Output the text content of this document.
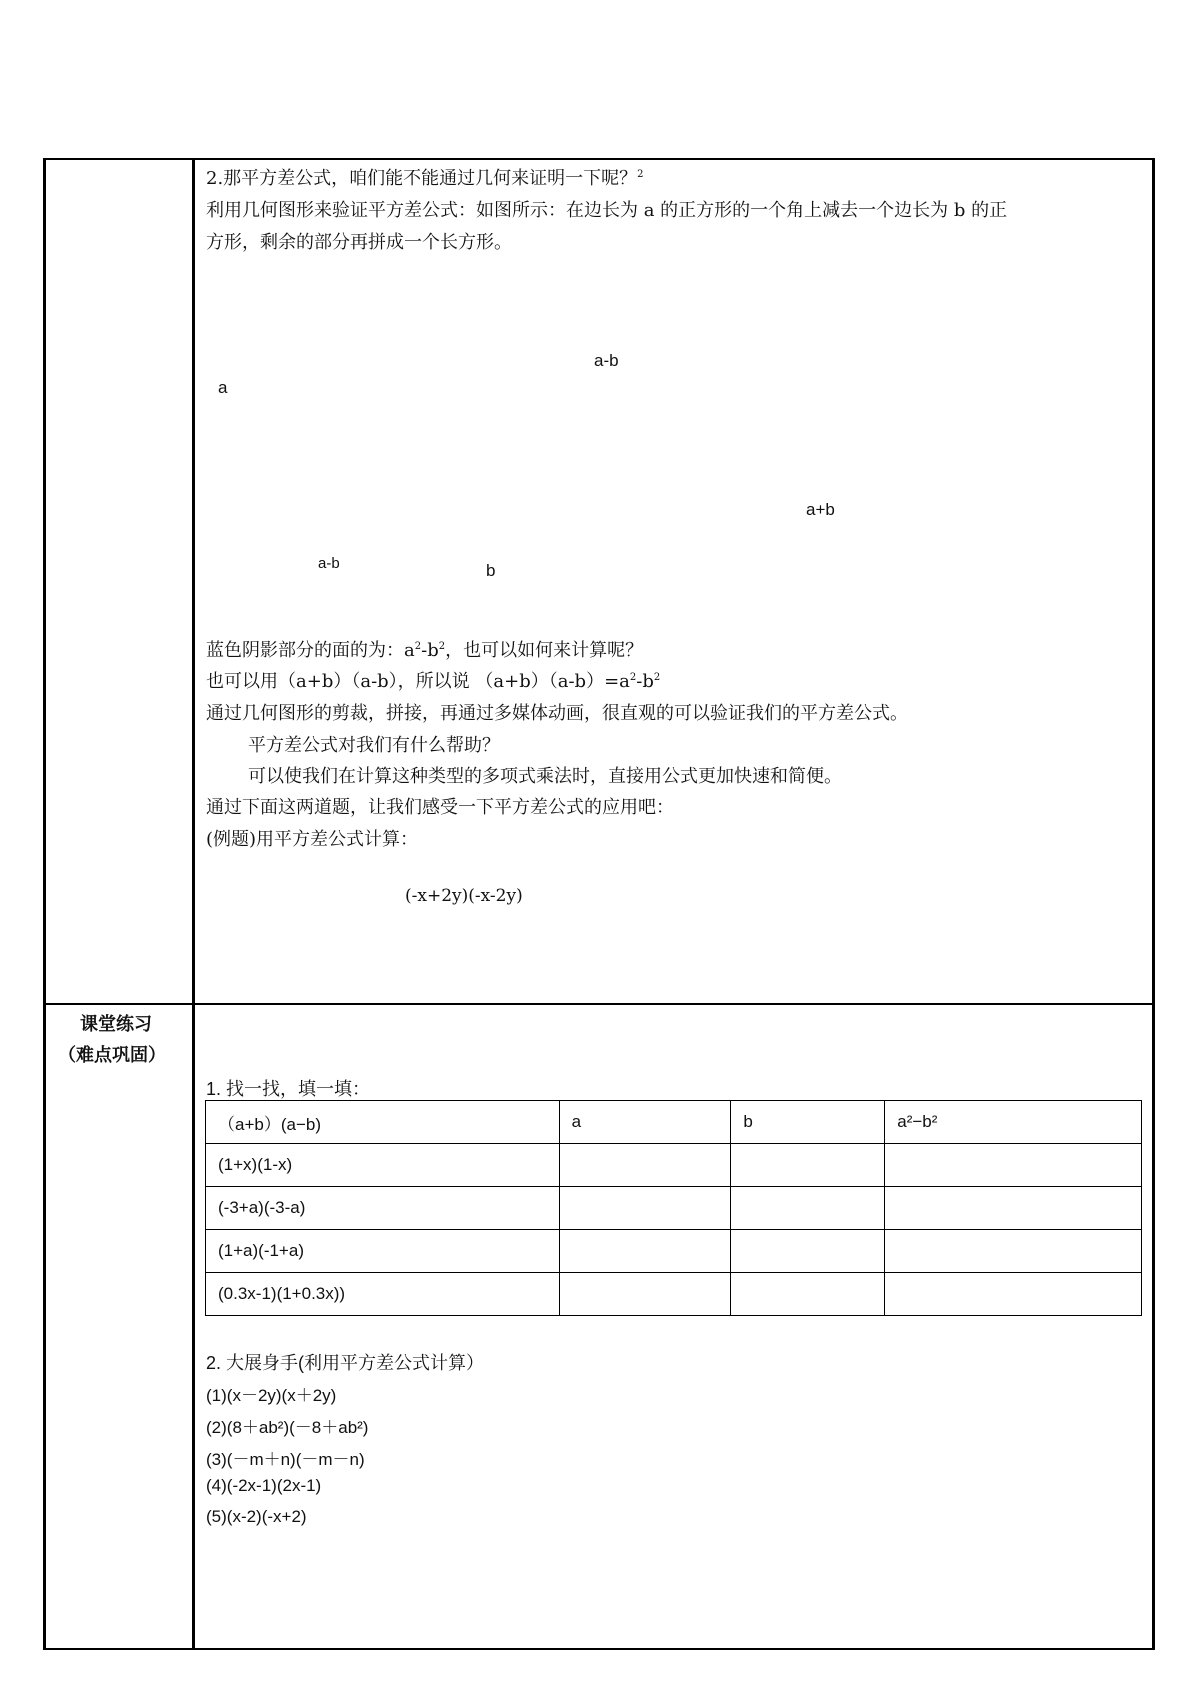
2.那平方差公式，咱们能不能通过几何来证明一下呢？$^2$
利用几何图形来验证平方差公式：如图所示：在边长为 a 的正方形的一个角上减去一个边长为 b 的正
方形，剩余的部分再拼成一个长方形。
a-b
a
a+b
a-b	b
蓝色阴影部分的面的为：$a^2-b^2$，也可以如何来计算呢？
也可以用（a+b）（a-b），所以说 $(a+b)(a-b)=a^2-b^2$
通过几何图形的剪裁，拼接，再通过多媒体动画，很直观的可以验证我们的平方差公式。
平方差公式对我们有什么帮助？
可以使我们在计算这种类型的多项式乘法时，直接用公式更加快速和简便。
通过下面这两道题，让我们感受一下平方差公式的应用吧：
(例题)用平方差公式计算：
(-x+2y)(-x-2y)
课堂练习
（难点巩固）
1. 找一找，填一填：
（a+b）(a−b)	a	b	a²−b²
(1+x)(1-x)			
(-3+a)(-3-a)			
(1+a)(-1+a)			
(0.3x-1)(1+0.3x))			
2. 大展身手(利用平方差公式计算）
(1)(x－2y)(x＋2y)
(2)(8＋ab²)(－8＋ab²)
(3)(－m＋n)(－m－n)
(4)(-2x-1)(2x-1)
(5)(x-2)(-x+2)
